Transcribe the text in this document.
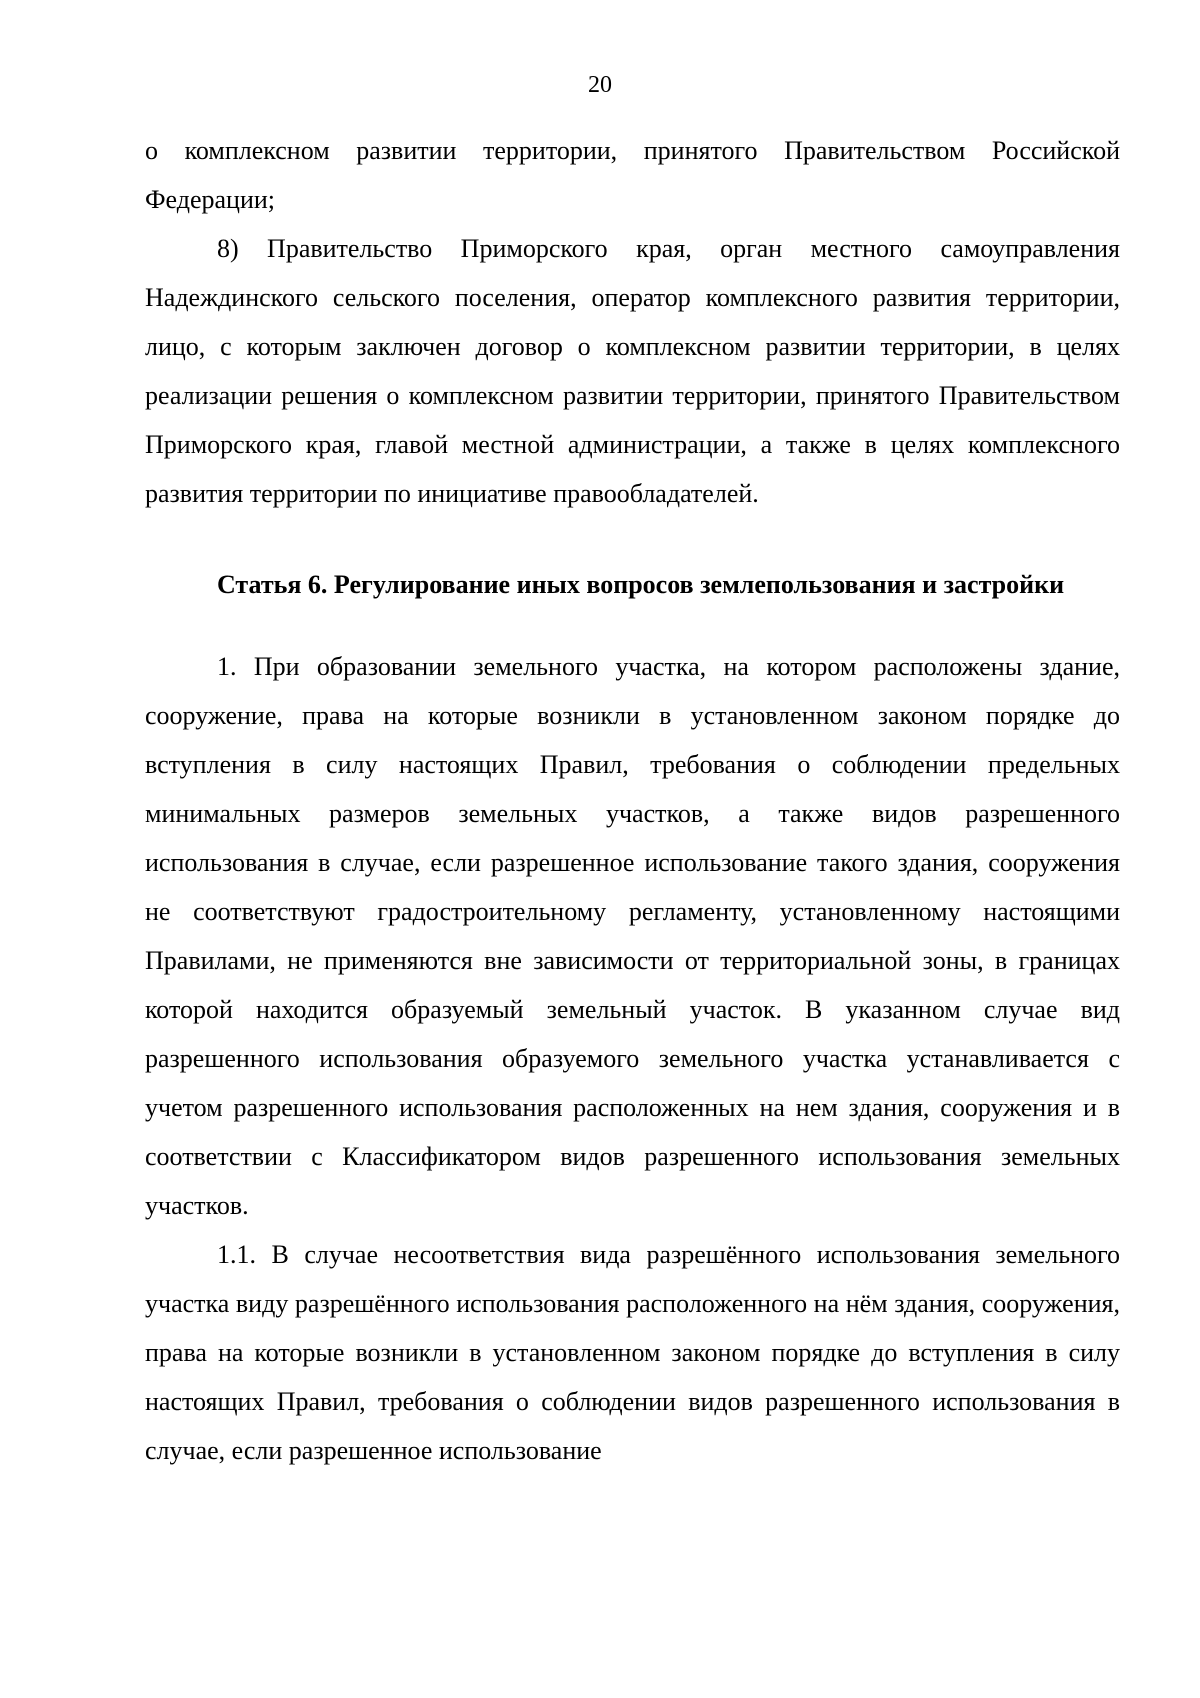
20

о комплексном развитии территории, принятого Правительством Российской Федерации;

8) Правительство Приморского края, орган местного самоуправления Надеждинского сельского поселения, оператор комплексного развития территории, лицо, с которым заключен договор о комплексном развитии территории, в целях реализации решения о комплексном развитии территории, принятого Правительством Приморского края, главой местной администрации, а также в целях комплексного развития территории по инициативе правообладателей.

Статья 6. Регулирование иных вопросов землепользования и застройки

1. При образовании земельного участка, на котором расположены здание, сооружение, права на которые возникли в установленном законом порядке до вступления в силу настоящих Правил, требования о соблюдении предельных минимальных размеров земельных участков, а также видов разрешенного использования в случае, если разрешенное использование такого здания, сооружения не соответствуют градостроительному регламенту, установленному настоящими Правилами, не применяются вне зависимости от территориальной зоны, в границах которой находится образуемый земельный участок. В указанном случае вид разрешенного использования образуемого земельного участка устанавливается с учетом разрешенного использования расположенных на нем здания, сооружения и в соответствии с Классификатором видов разрешенного использования земельных участков.

1.1. В случае несоответствия вида разрешённого использования земельного участка виду разрешённого использования расположенного на нём здания, сооружения, права на которые возникли в установленном законом порядке до вступления в силу настоящих Правил, требования о соблюдении видов разрешенного использования в случае, если разрешенное использование
